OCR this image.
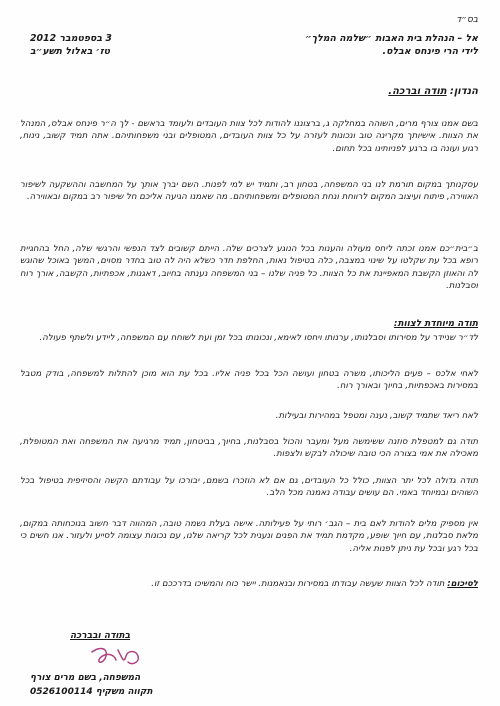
בס״ד
אל – הנהלת בית האבות ״שלמה המלך״
לידי הרי פינחס אבלס.
3 בספטמבר 2012
טז׳ באלול תשע״ב
הנדון: תודה וברכה.
בשם אמנו צורף מרים, השוהה במחלקה ג, ברצוננו להודות לכל צוות העובדים ולעומד בראשם - לך ה״ר פינחס אבלס, המנהל את הצוות. אישיותך מקרינה טוב ונכונות לעזרה על כל צוות העובדים, המטופלים ובני משפחותיהם. אתה תמיד קשוב, נינוח, רגוע ועונה בו ברגע לפניותינו בכל תחום.
עסקנותך במקום תורמת לנו בני המשפחה, בטחון רב, ותמיד יש למי לפנות. השם יברך אותך על המחשבה וההשקעה לשיפור האווירה, פיתוח ועיצוב המקום לרווחת ונחת המטופלים ומשפחותיהם. מה שאמנו הגיעה אליכם חל שיפור רב במקום ובאווירה.
ב״בית״כם אמנו זכתה ליחס מעולה והענות בכל הנוגע לצרכים שלה. הייתם קשובים לצד הנפשי והרגשי שלה, החל בהחגיית רופא בכל עת שקלטו על שינוי במצבה, כלה בטיפול נאות, החלפת חדר כשלא היה לה טוב בחדר מסוים, המשך באוכל שהוגש לה והאוזן הקשבת המאפיינת את כל הצוות. כל פניה שלנו – בני המשפחה נענתה בחיוב, דאגנות, אכפתיות, הקשבה, אורך רוח וסבלנות.
תודה מיוחדת לצוות:
לד״ר שניידר על מסירותו וסבלנותו, ערנותו ויחסו לאימא, ונכונותו בכל זמן ועת לשוחח עם המשפחה, ליידע ולשתף פעולה.
לאחי אלכס – פעים הליכותו, משרה בטחון ועושה הכל בכל פניה אליו. בכל עת הוא מוכן להתלות למשפחה, בודק מטבל במסירות באכפתיות, בחיוך ובאורך רוח.
לאח ריאד שתמיד קשוב, נענה ומטפל במהירות ובעילות.
תודה גם למטפלת סוזנה ששימשה מעל ומעבר והכול בסבלנות, בחיוך, בביטחון, תמיד מרגיעה את המשפחה ואת המטופלת, מאכילה את אמי בצורה הכי טובה שיכולה לבקש ולצפות.
תודה גדולה לכל יתר הצוות, כולל כל העובדים, גם אם לא הוזכרו בשמם, יבורכו על עבודתם הקשה והסיזיפית בטיפול בכל השוהים ובמיוחד באמי. הם עושים עבודה נאמנה מכל הלב.
אין מספיק מלים להודות לאם בית – הגב׳ רותי על פעילותה. אישה בעלת נשמה טובה, המהווה דבר חשוב בנוכחותה במקום, מלאת סבלנות, עם חיוך שופע, מקדמת תמיד את הפנים ונענית לכל קריאה שלנו, עם נכונות עצומה לסייע ולעזור. אנו חשים כי בכל רגע ובכל עת ניתן לפנות אליה.
לסיכום: תודה לכל הצוות שעשה עבודתו במסירות ובנאמנות. יישר כוח והמשיכו בדרככם זו.
בתודה ובברכה
המשפחה, בשם מרים צורף
תקווה משקיף 0526100114
